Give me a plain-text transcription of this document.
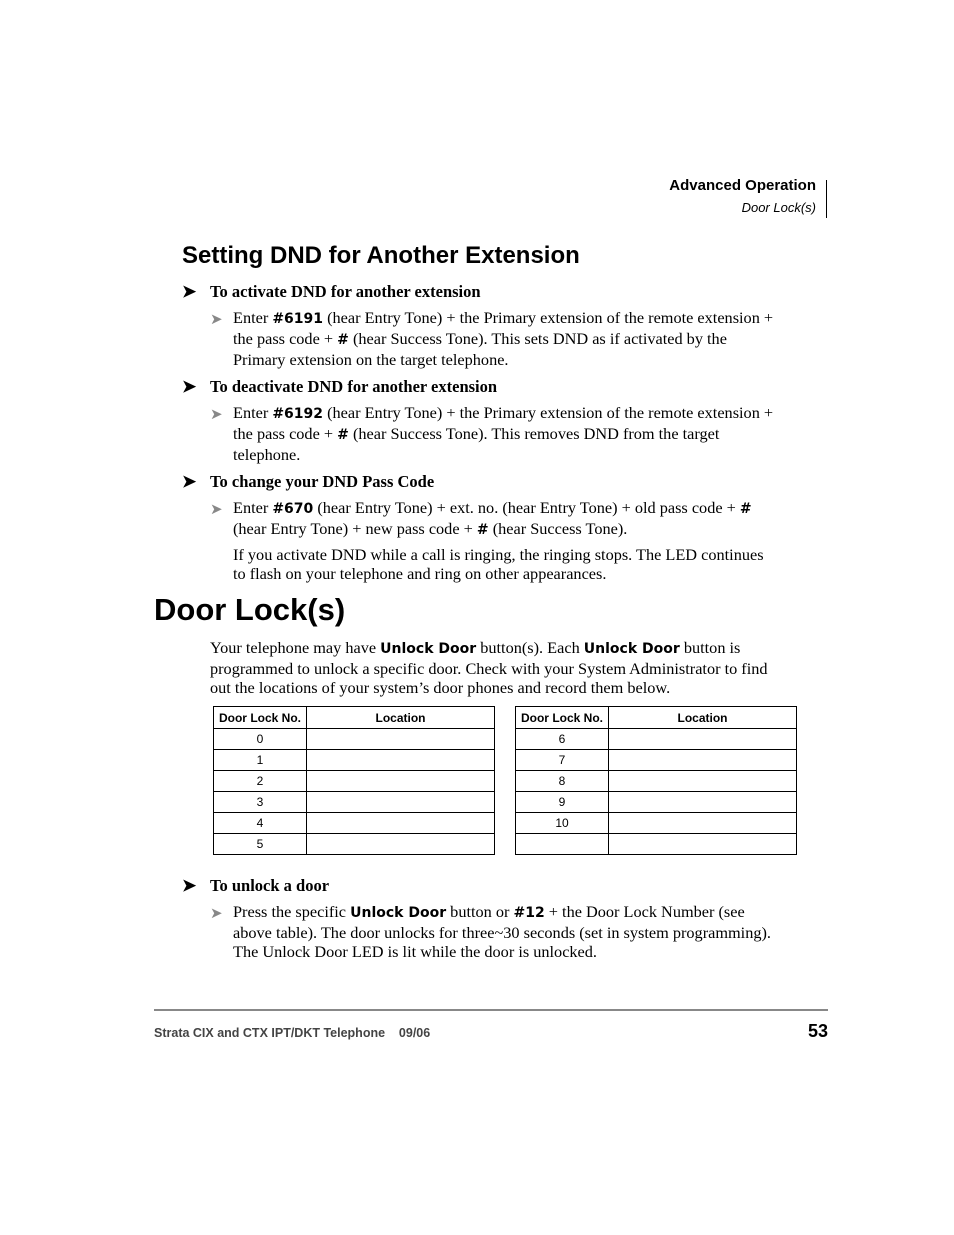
Advanced Operation
Door Lock(s)
Setting DND for Another Extension
➤ To activate DND for another extension
➤ Enter #6191 (hear Entry Tone) + the Primary extension of the remote extension +
the pass code + # (hear Success Tone). This sets DND as if activated by the
Primary extension on the target telephone.
➤ To deactivate DND for another extension
➤ Enter #6192 (hear Entry Tone) + the Primary extension of the remote extension +
the pass code + # (hear Success Tone). This removes DND from the target
telephone.
➤ To change your DND Pass Code
➤ Enter #670 (hear Entry Tone) + ext. no. (hear Entry Tone) + old pass code + #
(hear Entry Tone) + new pass code + # (hear Success Tone).
If you activate DND while a call is ringing, the ringing stops. The LED continues
to flash on your telephone and ring on other appearances.
Door Lock(s)
Your telephone may have Unlock Door button(s). Each Unlock Door button is
programmed to unlock a specific door. Check with your System Administrator to find
out the locations of your system’s door phones and record them below.
Door Lock No.	Location
0	
1	
2	
3	
4	
5	
Door Lock No.	Location
6	
7	
8	
9	
10	

➤ To unlock a door
➤ Press the specific Unlock Door button or #12 + the Door Lock Number (see
above table). The door unlocks for three~30 seconds (set in system programming).
The Unlock Door LED is lit while the door is unlocked.
Strata CIX and CTX IPT/DKT Telephone    09/06	53
